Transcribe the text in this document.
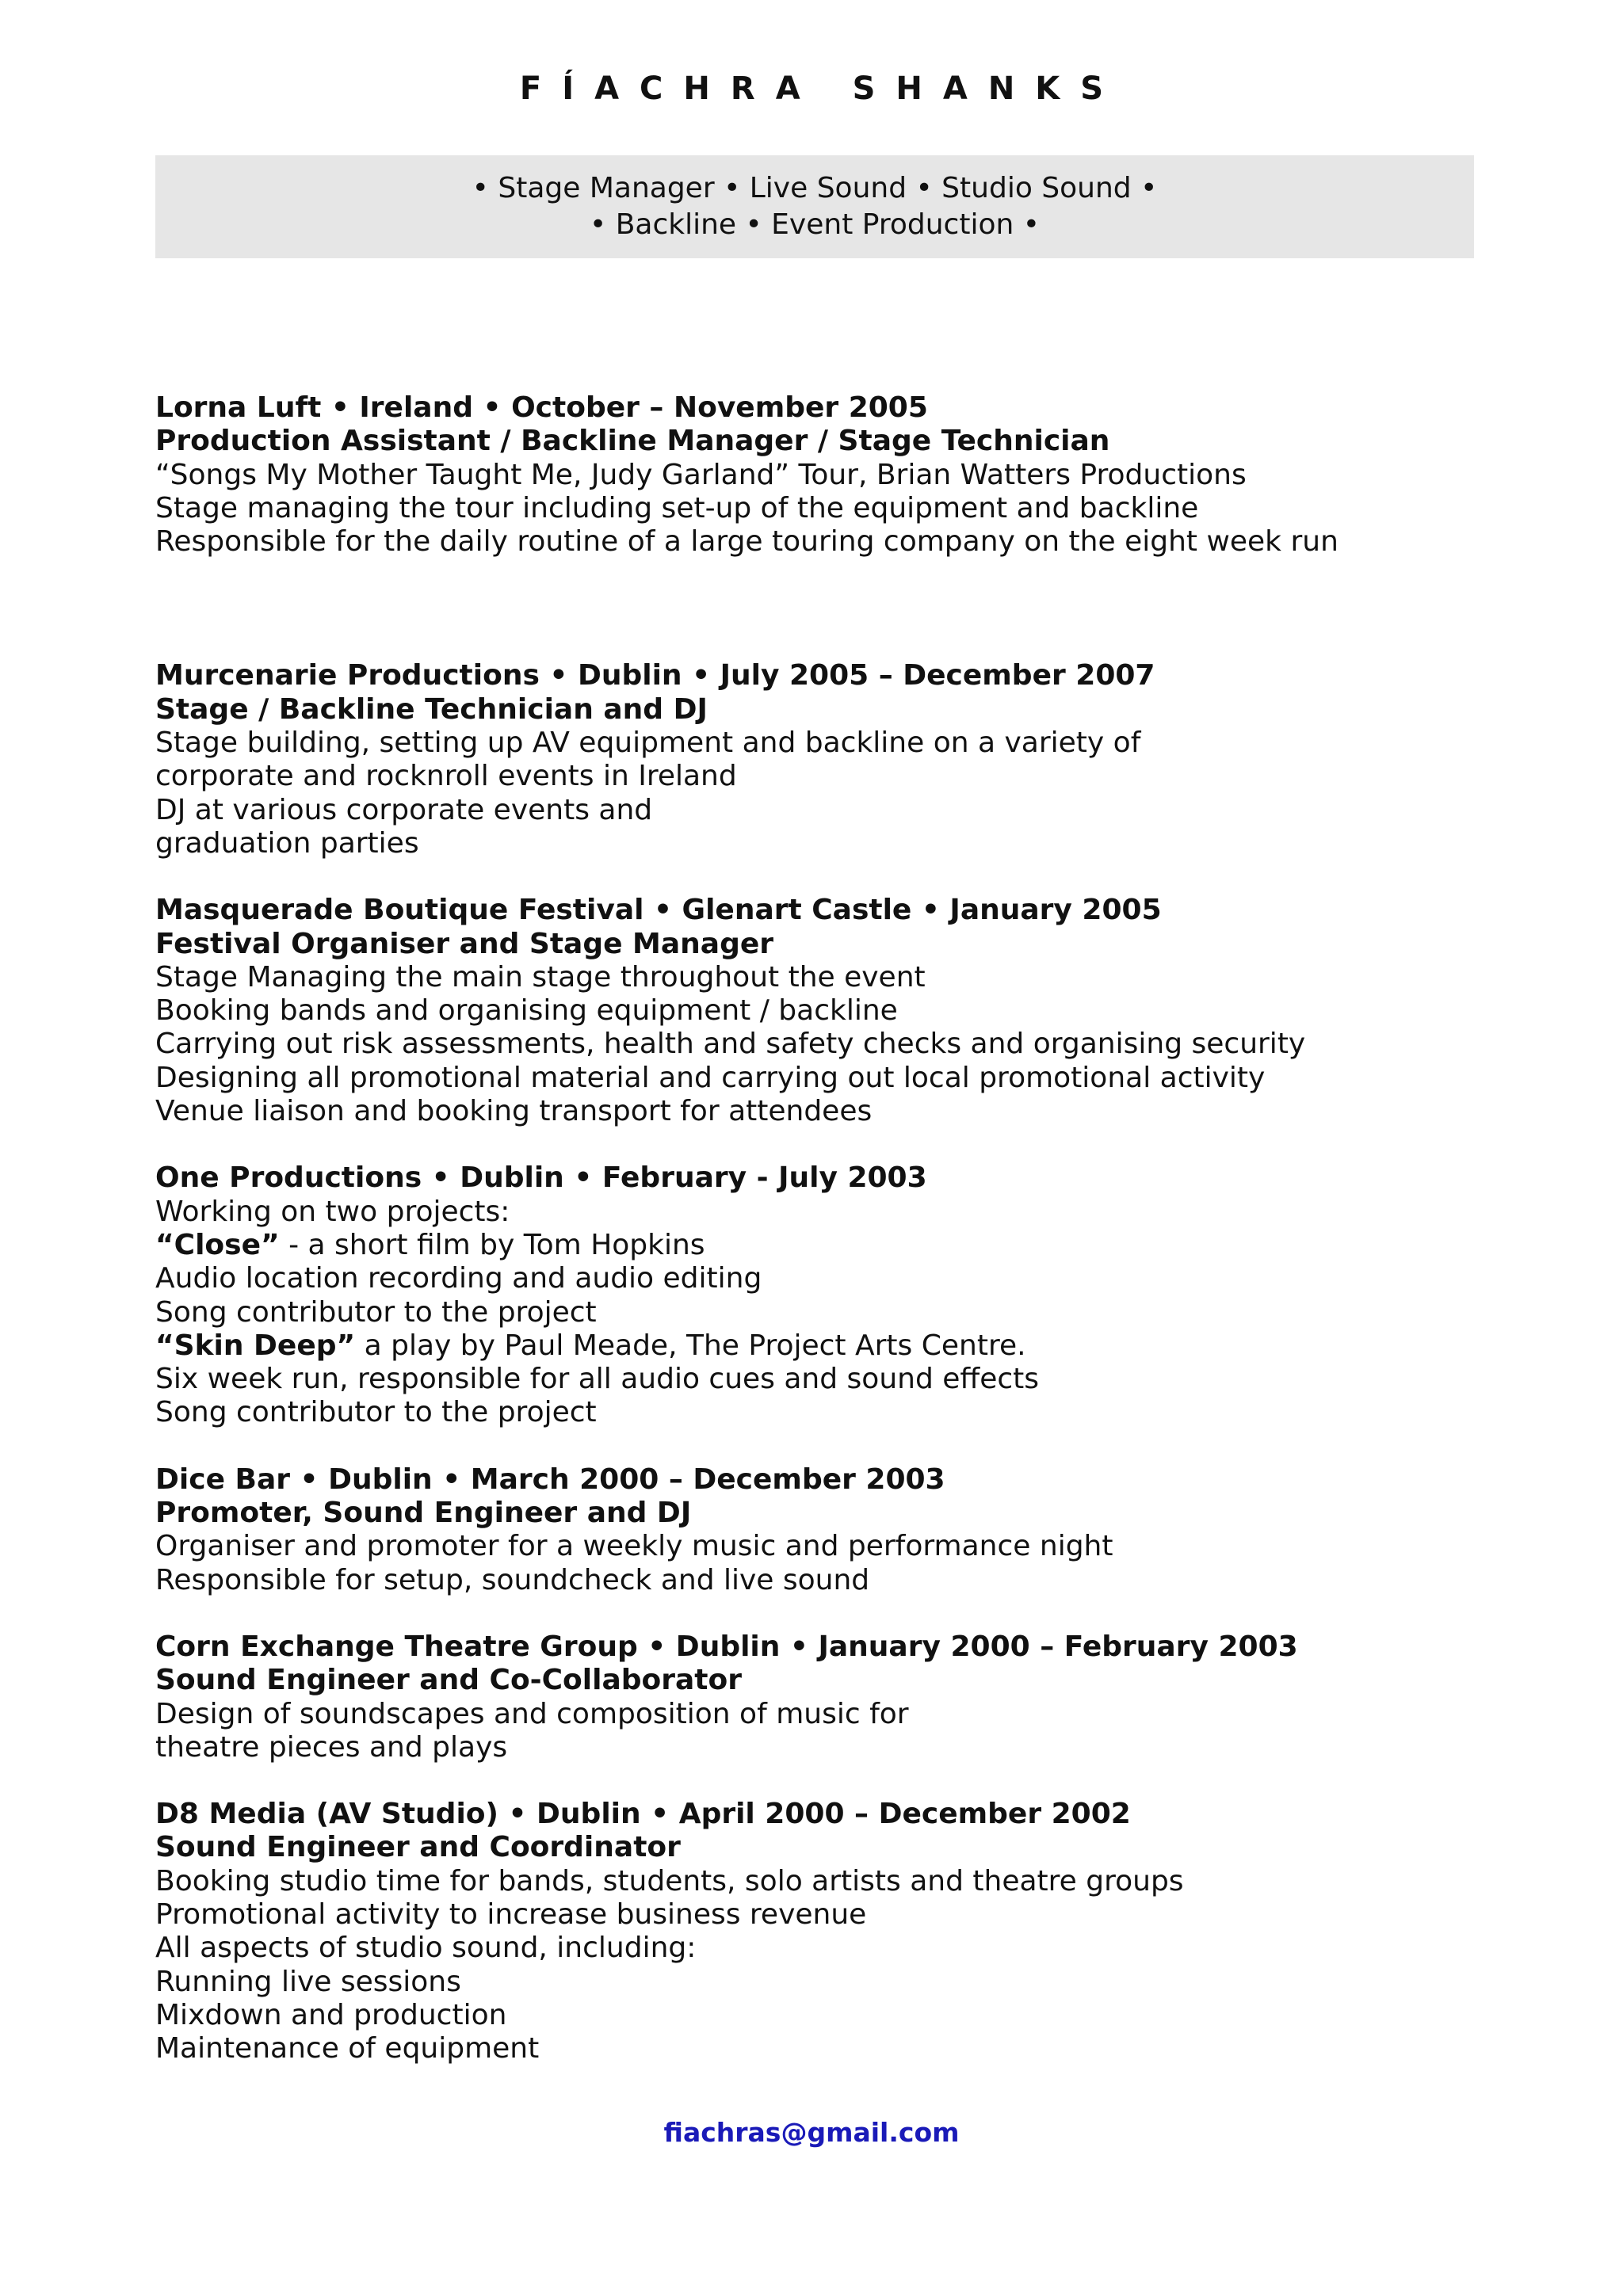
FÍACHRA SHANKS
• Stage Manager • Live Sound • Studio Sound •
• Backline • Event Production •
Lorna Luft • Ireland • October – November 2005
Production Assistant / Backline Manager / Stage Technician
“Songs My Mother Taught Me, Judy Garland” Tour, Brian Watters Productions
Stage managing the tour including set-up of the equipment and backline
Responsible for the daily routine of a large touring company on the eight week run
Murcenarie Productions • Dublin • July 2005 – December 2007
Stage / Backline Technician and DJ
Stage building, setting up AV equipment and backline on a variety of
corporate and rocknroll events in Ireland
DJ at various corporate events and
graduation parties
Masquerade Boutique Festival • Glenart Castle • January 2005
Festival Organiser and Stage Manager
Stage Managing the main stage throughout the event
Booking bands and organising equipment / backline
Carrying out risk assessments, health and safety checks and organising security
Designing all promotional material and carrying out local promotional activity
Venue liaison and booking transport for attendees
One Productions • Dublin • February - July 2003
Working on two projects:
“Close” - a short film by Tom Hopkins
Audio location recording and audio editing
Song contributor to the project
“Skin Deep” a play by Paul Meade, The Project Arts Centre.
Six week run, responsible for all audio cues and sound effects
Song contributor to the project
Dice Bar • Dublin • March 2000 – December 2003
Promoter, Sound Engineer and DJ
Organiser and promoter for a weekly music and performance night
Responsible for setup, soundcheck and live sound
Corn Exchange Theatre Group • Dublin • January 2000 – February 2003
Sound Engineer and Co-Collaborator
Design of soundscapes and composition of music for
theatre pieces and plays
D8 Media (AV Studio) • Dublin • April 2000 – December 2002
Sound Engineer and Coordinator
Booking studio time for bands, students, solo artists and theatre groups
Promotional activity to increase business revenue
All aspects of studio sound, including:
Running live sessions
Mixdown and production
Maintenance of equipment
fiachras@gmail.com
